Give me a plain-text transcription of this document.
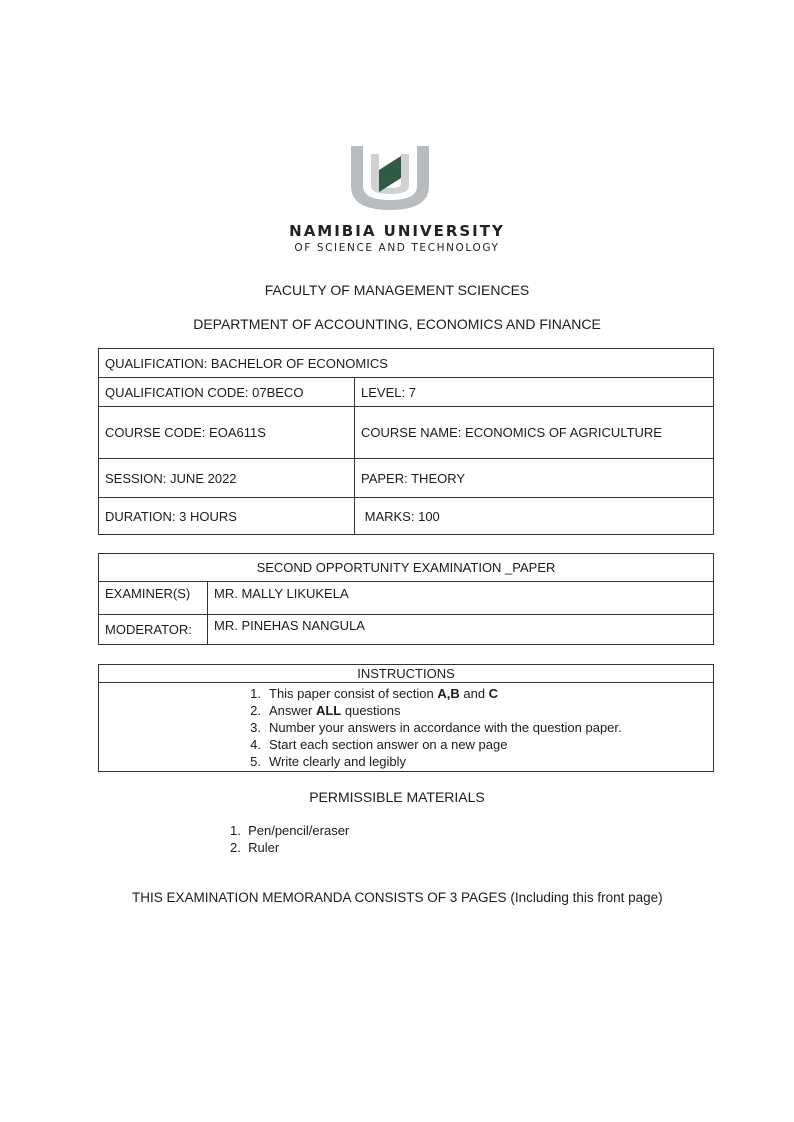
NAMIBIA UNIVERSITY
OF SCIENCE AND TECHNOLOGY
FACULTY OF MANAGEMENT SCIENCES
DEPARTMENT OF ACCOUNTING, ECONOMICS AND FINANCE
QUALIFICATION: BACHELOR OF ECONOMICS	
QUALIFICATION CODE: 07BECO	LEVEL: 7
COURSE CODE: EOA611S	COURSE NAME: ECONOMICS OF AGRICULTURE
SESSION: JUNE 2022	PAPER: THEORY
DURATION: 3 HOURS	MARKS: 100
SECOND OPPORTUNITY EXAMINATION _PAPER	
EXAMINER(S)	MR. MALLY LIKUKELA
MODERATOR:	MR. PINEHAS NANGULA
INSTRUCTIONS

1. This paper consist of section A,B and C
2. Answer ALL questions
3. Number your answers in accordance with the question paper.
4. Start each section answer on a new page
5. Write clearly and legibly
PERMISSIBLE MATERIALS
1. Pen/pencil/eraser
2. Ruler
THIS EXAMINATION MEMORANDA CONSISTS OF 3 PAGES (Including this front page)
